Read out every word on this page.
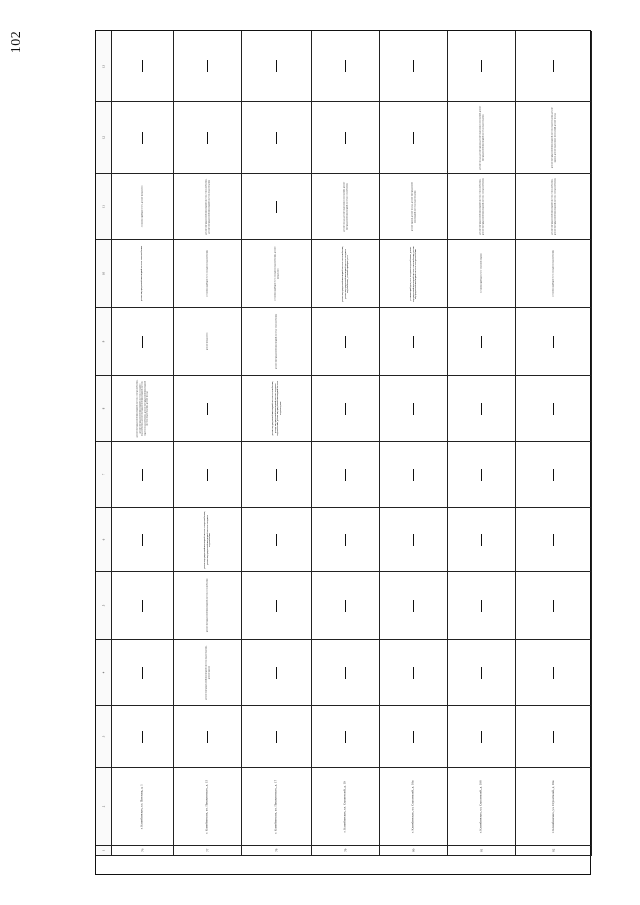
102
1
2
3
4
5
6
7
8
9
10
11
12
13
76
г. Клинбинских, ул. Пихтова, д. 1
ремонт внутридомовой инженерной системы электроснабжения, ремонт внутридомовой инженерной системы холодного водоснабжения, ремонт внутридомовой инженерной системы горячего водоснабжения, ремонт внутридомовой инженерной системы водоотведения, ремонт фасада
ремонт внутридомовой инженерной системы теплоснабжения
установка приборов учета, ремонт фундамента
77
г. Клинбинских, ул. Пушкинского, д. 15
ремонт внутридомовой инженерной системы водоотведения, ремонт крыши
ремонт внутридомовой инженерной системы газоснабжения
ремонт внутридомовой инженерной системы электроснабжения, ремонт внутридомовой инженерной системы холодного водоснабжения
ремонт фундамента
установка приборов учета холодного водоснабжения
ремонт внутридомовой инженерной системы теплоснабжения, ремонт внутридомовой инженерной системы водоотведения
78
г. Клинбинских, ул. Пушкинского, д. 17
ремонт внутридомовой инженерной системы газоснабжения, ремонт внутридомовой инженерной системы холодного водоснабжения, ремонт внутридомовой инженерной системы водоотведения
ремонт внутридомовой инженерной системы теплоснабжения
установка приборов учета холодного водоснабжения, ремонт фундамента
79
г. Клинбинских, ул. Строителей, д. 10
ремонт внутридомовой инженерной системы теплоснабжения, ремонт внутридомовой инженерной системы холодного водоснабжения, установка приборов учета
ремонт фасада, ремонт подвальных помещений, ремонт внутридомовой инженерной системы газоснабжения
80
г. Клинбинских, ул. Строителей, д. 10а
установка приборов учета холодного водоснабжения, ремонт внутридомовой инженерной системы теплоснабжения, ремонт внутридомовой инженерной системы электроснабжения
ремонт крыши, ремонт фасада, ремонт внутридомовой инженерной системы водоотведения
81
г. Клинбинских, ул. Строителей, д. 10б
установка приборов учета тепловой энергии
ремонт внутридомовой инженерной системы теплоснабжения, ремонт внутридомовой инженерной системы электроснабжения
ремонт фасада, ремонт крыши, ремонт подвальных помещений, ремонт внутридомовой инженерной системы водоотведения
82
г. Клинбинских, ул. Строителей, д. 10в
установка приборов учета холодного водоснабжения
ремонт внутридомовой инженерной системы теплоснабжения, ремонт внутридомовой инженерной системы электроснабжения
ремонт внутридомовой инженерной системы водоотведения, ремонт крыши, ремонт подвальных помещений, ремонт фасада
